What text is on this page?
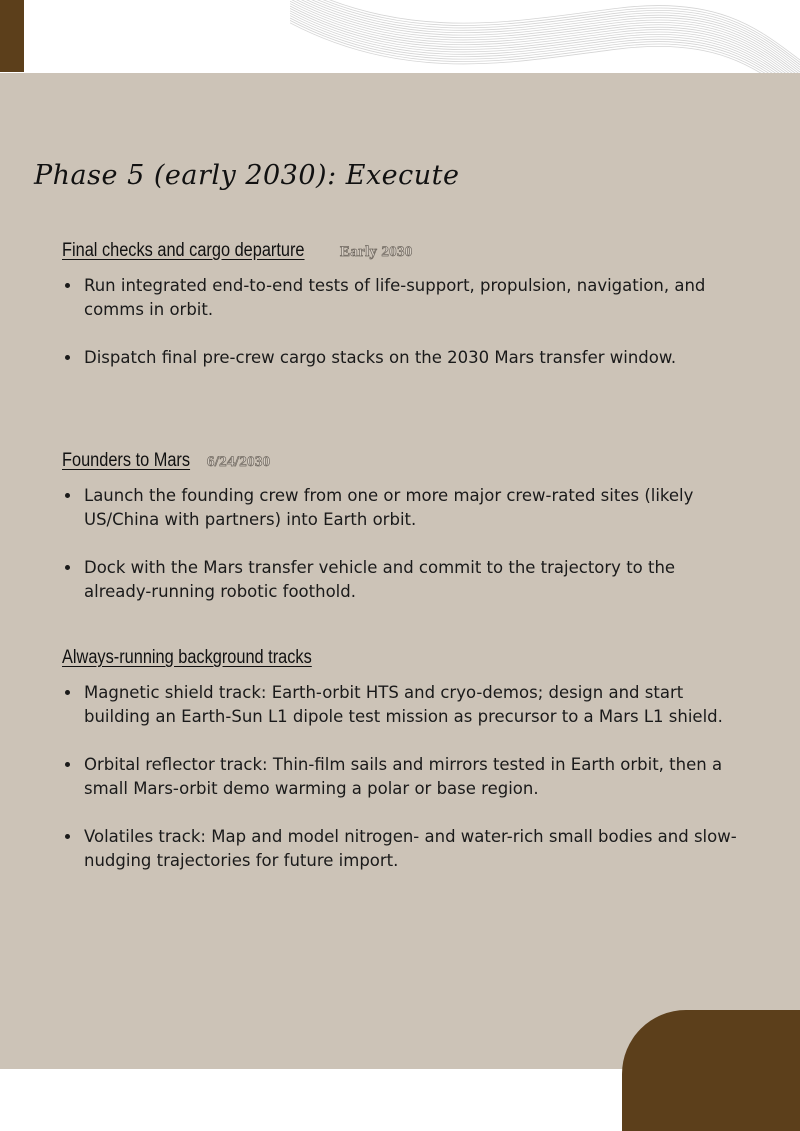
Phase 5 (early 2030): Execute
Final checks and cargo departure Early 2030
• Run integrated end-to-end tests of life-support, propulsion, navigation, and comms in orbit.
• Dispatch final pre-crew cargo stacks on the 2030 Mars transfer window.
Founders to Mars 6/24/2030
• Launch the founding crew from one or more major crew-rated sites (likely US/China with partners) into Earth orbit.
• Dock with the Mars transfer vehicle and commit to the trajectory to the already-running robotic foothold.
Always-running background tracks
• Magnetic shield track: Earth-orbit HTS and cryo-demos; design and start building an Earth-Sun L1 dipole test mission as precursor to a Mars L1 shield.
• Orbital reflector track: Thin-film sails and mirrors tested in Earth orbit, then a small Mars-orbit demo warming a polar or base region.
• Volatiles track: Map and model nitrogen- and water-rich small bodies and slow-nudging trajectories for future import.
